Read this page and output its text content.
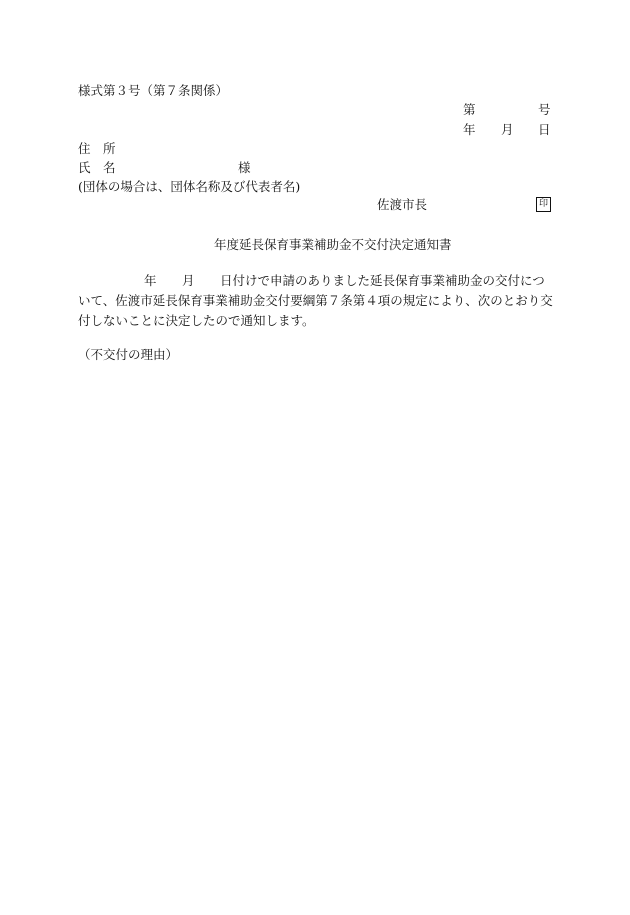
様式第３号（第７条関係）
第	号
年 月 日
住　所
氏　名	様
(団体の場合は、団体名称及び代表者名)
佐渡市長	印
年度延長保育事業補助金不交付決定通知書
年 月 日付けで申請のありました延長保育事業補助金の交付につ
いて、佐渡市延長保育事業補助金交付要綱第７条第４項の規定により、次のとおり交
付しないことに決定したので通知します。
（不交付の理由）
